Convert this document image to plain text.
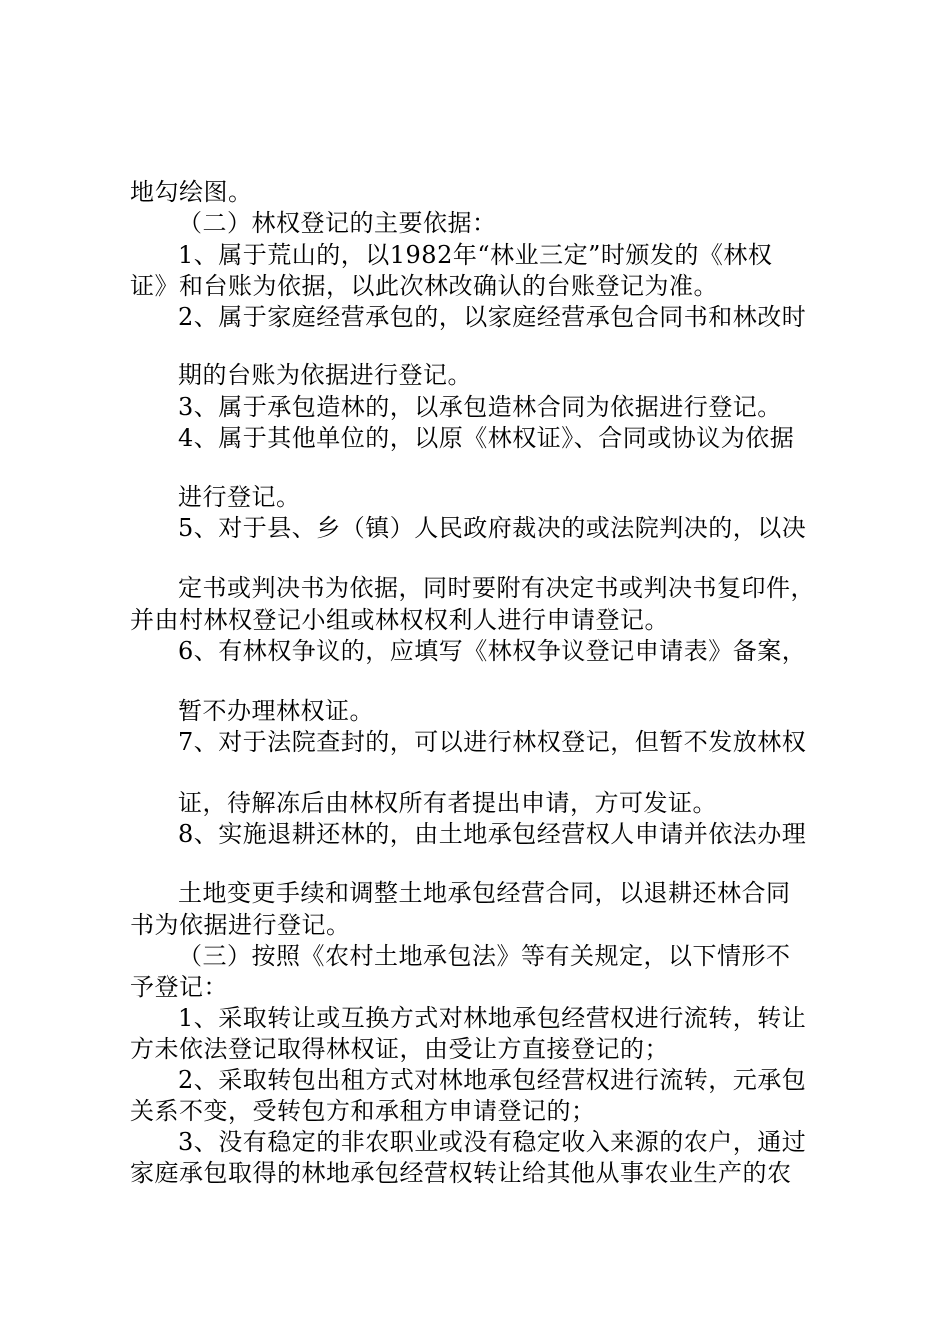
地勾绘图。
（二）林权登记的主要依据：
1、属于荒山的，以1982年“林业三定”时颁发的《林权
证》和台账为依据，以此次林改确认的台账登记为准。
2、属于家庭经营承包的，以家庭经营承包合同书和林改时
期的台账为依据进行登记。
3、属于承包造林的，以承包造林合同为依据进行登记。
4、属于其他单位的，以原《林权证》、合同或协议为依据
进行登记。
5、对于县、乡（镇）人民政府裁决的或法院判决的，以决
定书或判决书为依据，同时要附有决定书或判决书复印件，
并由村林权登记小组或林权权利人进行申请登记。
6、有林权争议的，应填写《林权争议登记申请表》备案，
暂不办理林权证。
7、对于法院查封的，可以进行林权登记，但暂不发放林权
证，待解冻后由林权所有者提出申请，方可发证。
8、实施退耕还林的，由土地承包经营权人申请并依法办理
土地变更手续和调整土地承包经营合同，以退耕还林合同
书为依据进行登记。
（三）按照《农村土地承包法》等有关规定，以下情形不
予登记：
1、采取转让或互换方式对林地承包经营权进行流转，转让
方未依法登记取得林权证，由受让方直接登记的；
2、采取转包出租方式对林地承包经营权进行流转，元承包
关系不变，受转包方和承租方申请登记的；
3、没有稳定的非农职业或没有稳定收入来源的农户，通过
家庭承包取得的林地承包经营权转让给其他从事农业生产的农
